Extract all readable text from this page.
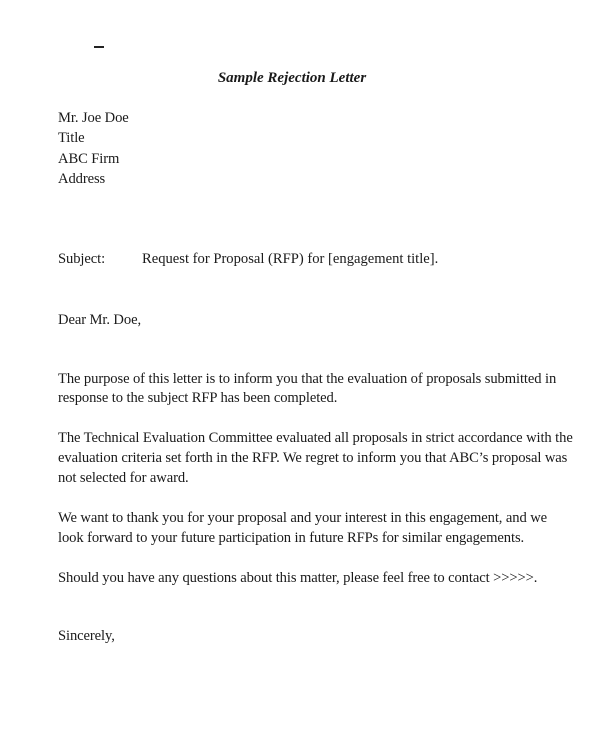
Sample Rejection Letter
Mr. Joe Doe
Title
ABC Firm
Address
Subject:	Request for Proposal (RFP) for [engagement title].
Dear Mr. Doe,
The purpose of this letter is to inform you that the evaluation of proposals submitted in
response to the subject RFP has been completed.
The Technical Evaluation Committee evaluated all proposals in strict accordance with the
evaluation criteria set forth in the RFP. We regret to inform you that ABC’s proposal was
not selected for award.
We want to thank you for your proposal and your interest in this engagement, and we
look forward to your future participation in future RFPs for similar engagements.
Should you have any questions about this matter, please feel free to contact >>>>>.
Sincerely,
